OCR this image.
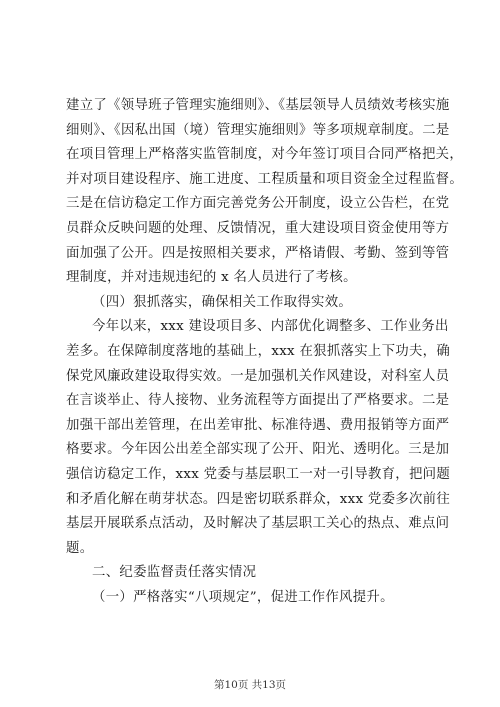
建立了《领导班子管理实施细则》、《基层领导人员绩效考核实施
细则》、《因私出国（境）管理实施细则》等多项规章制度。二是
在项目管理上严格落实监管制度，对今年签订项目合同严格把关，
并对项目建设程序、施工进度、工程质量和项目资金全过程监督。
三是在信访稳定工作方面完善党务公开制度，设立公告栏，在党
员群众反映问题的处理、反馈情况，重大建设项目资金使用等方
面加强了公开。四是按照相关要求，严格请假、考勤、签到等管
理制度，并对违规违纪的 x 名人员进行了考核。
（四）狠抓落实，确保相关工作取得实效。
今年以来，xxx 建设项目多、内部优化调整多、工作业务出
差多。在保障制度落地的基础上，xxx 在狠抓落实上下功夫，确
保党风廉政建设取得实效。一是加强机关作风建设，对科室人员
在言谈举止、待人接物、业务流程等方面提出了严格要求。二是
加强干部出差管理，在出差审批、标准待遇、费用报销等方面严
格要求。今年因公出差全部实现了公开、阳光、透明化。三是加
强信访稳定工作，xxx 党委与基层职工一对一引导教育，把问题
和矛盾化解在萌芽状态。四是密切联系群众，xxx 党委多次前往
基层开展联系点活动，及时解决了基层职工关心的热点、难点问
题。
二、纪委监督责任落实情况
（一）严格落实“八项规定”，促进工作作风提升。
第10页 共13页
